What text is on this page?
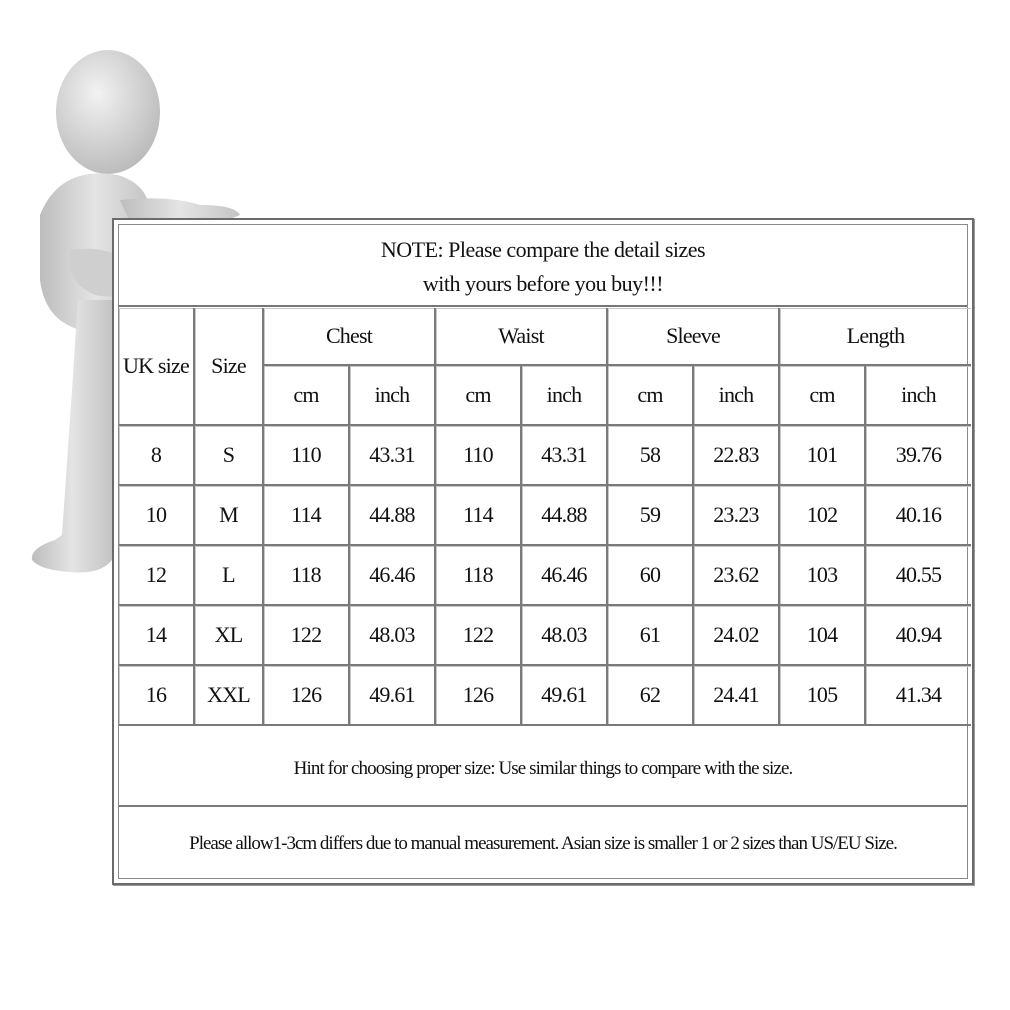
NOTE: Please compare the detail sizes
with yours before you buy!!!
UK size	Size	Chest		Waist		Sleeve		Length	
		cm	inch	cm	inch	cm	inch	cm	inch
8	S	110	43.31	110	43.31	58	22.83	101	39.76
10	M	114	44.88	114	44.88	59	23.23	102	40.16
12	L	118	46.46	118	46.46	60	23.62	103	40.55
14	XL	122	48.03	122	48.03	61	24.02	104	40.94
16	XXL	126	49.61	126	49.61	62	24.41	105	41.34
Hint for choosing proper size: Use similar things to compare with the size.
Please allow1-3cm differs due to manual measurement. Asian size is smaller 1 or 2 sizes than US/EU Size.
